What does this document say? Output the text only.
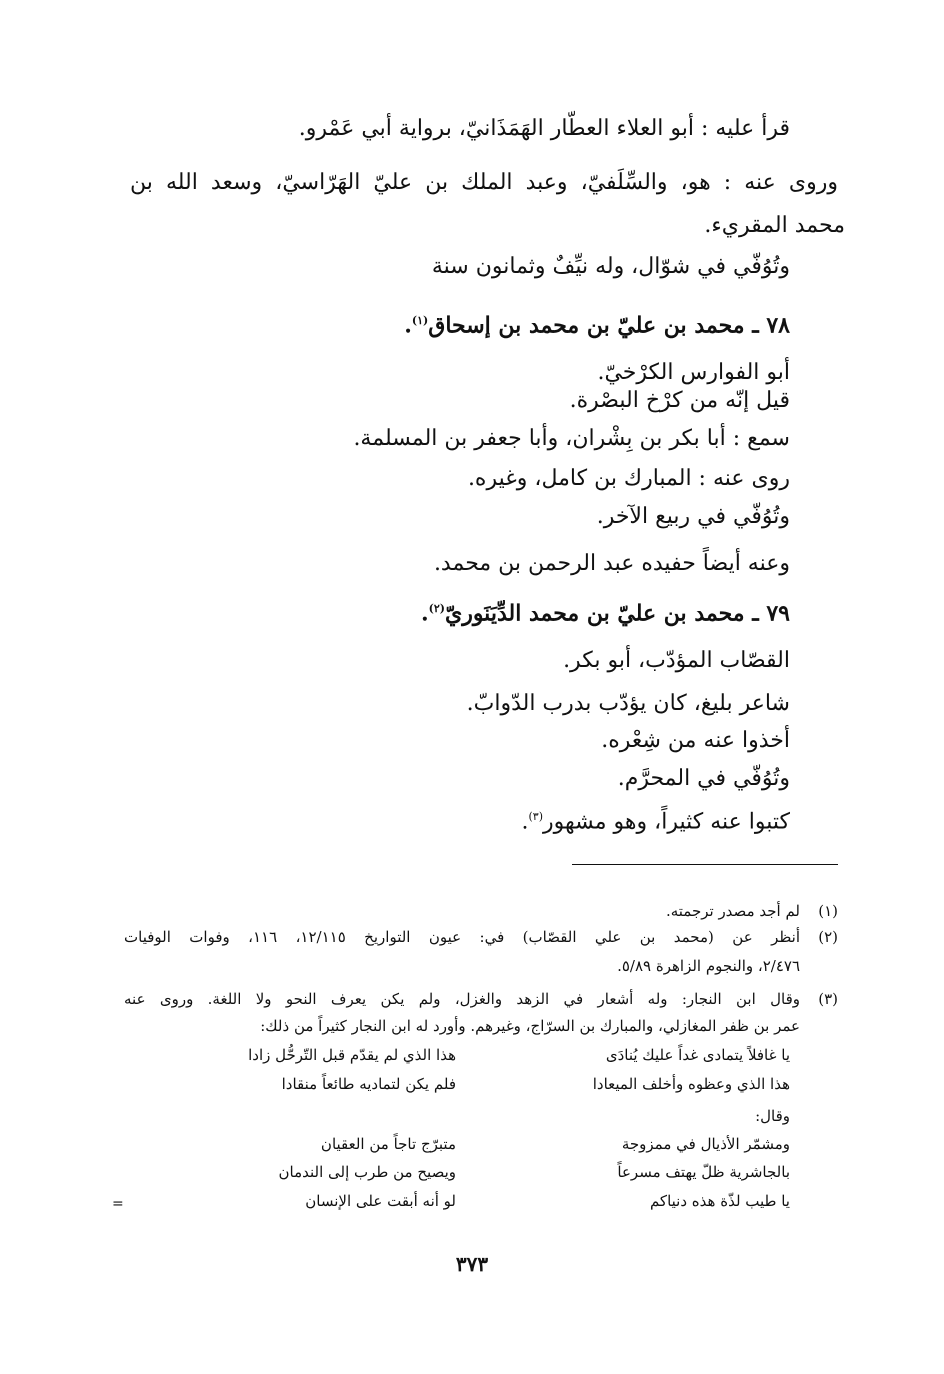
قرأ عليه : أبو العلاء العطّار الهَمَذَانيّ، برواية أبي عَمْرو.
وروى عنه : هو، والسِّلَفيّ، وعبد الملك بن عليّ الهَرّاسيّ، وسعد الله بن
محمد المقريء.
وتُوُفّي في شوّال، وله نيِّفٌ وثمانون سنة
٧٨ ـ محمد بن عليّ بن محمد بن إسحاق$^{(١)}$.
أبو الفوارس الكرْخيّ.
قيل إنّه من كرْخ البصْرة.
سمع : أبا بكر بن بِشْران، وأبا جعفر بن المسلمة.
روى عنه : المبارك بن كامل، وغيره.
وتُوُفّي في ربيع الآخر.
وعنه أيضاً حفيده عبد الرحمن بن محمد.
٧٩ ـ محمد بن عليّ بن محمد الدِّيَنَوريّ$^{(٢)}$.
القصّاب المؤدّب، أبو بكر.
شاعر بليغ، كان يؤدّب بدرب الدّوابّ.
أخذوا عنه من شِعْره.
وتُوُفّي في المحرَّم.
كتبوا عنه كثيراً، وهو مشهور$^{(٣)}$.
(١)
لم أجد مصدر ترجمته.
(٢)
أنظر عن (محمد بن علي القصّاب) في: عيون التواريخ ١٢/١١٥، ١١٦، وفوات الوفيات
٢/٤٧٦، والنجوم الزاهرة ٥/٨٩.
(٣)
وقال ابن النجار: وله أشعار في الزهد والغزل، ولم يكن يعرف النحو ولا اللغة. وروى عنه
عمر بن ظفر المغازلي، والمبارك بن السرّاج، وغيرهم. وأورد له ابن النجار كثيراً من ذلك:
يا غافلاً يتمادى غداً عليك يُنادَى
هذا الذي لم يقدّم قبل التّرحُّل زادا
هذا الذي وعظوه وأخلف الميعادا
فلم يكن لتماديه طائعاً منقادا
وقال:
ومشمّر الأذيال في ممزوجة
متبرّج تاجاً من العقيان
بالجاشرية ظلّ يهتف مسرعاً
ويصيح من طرب إلى الندمان
يا طيب لذّة هذه دنياكم
لو أنه أبقت على الإنسان
=
٣٧٣
